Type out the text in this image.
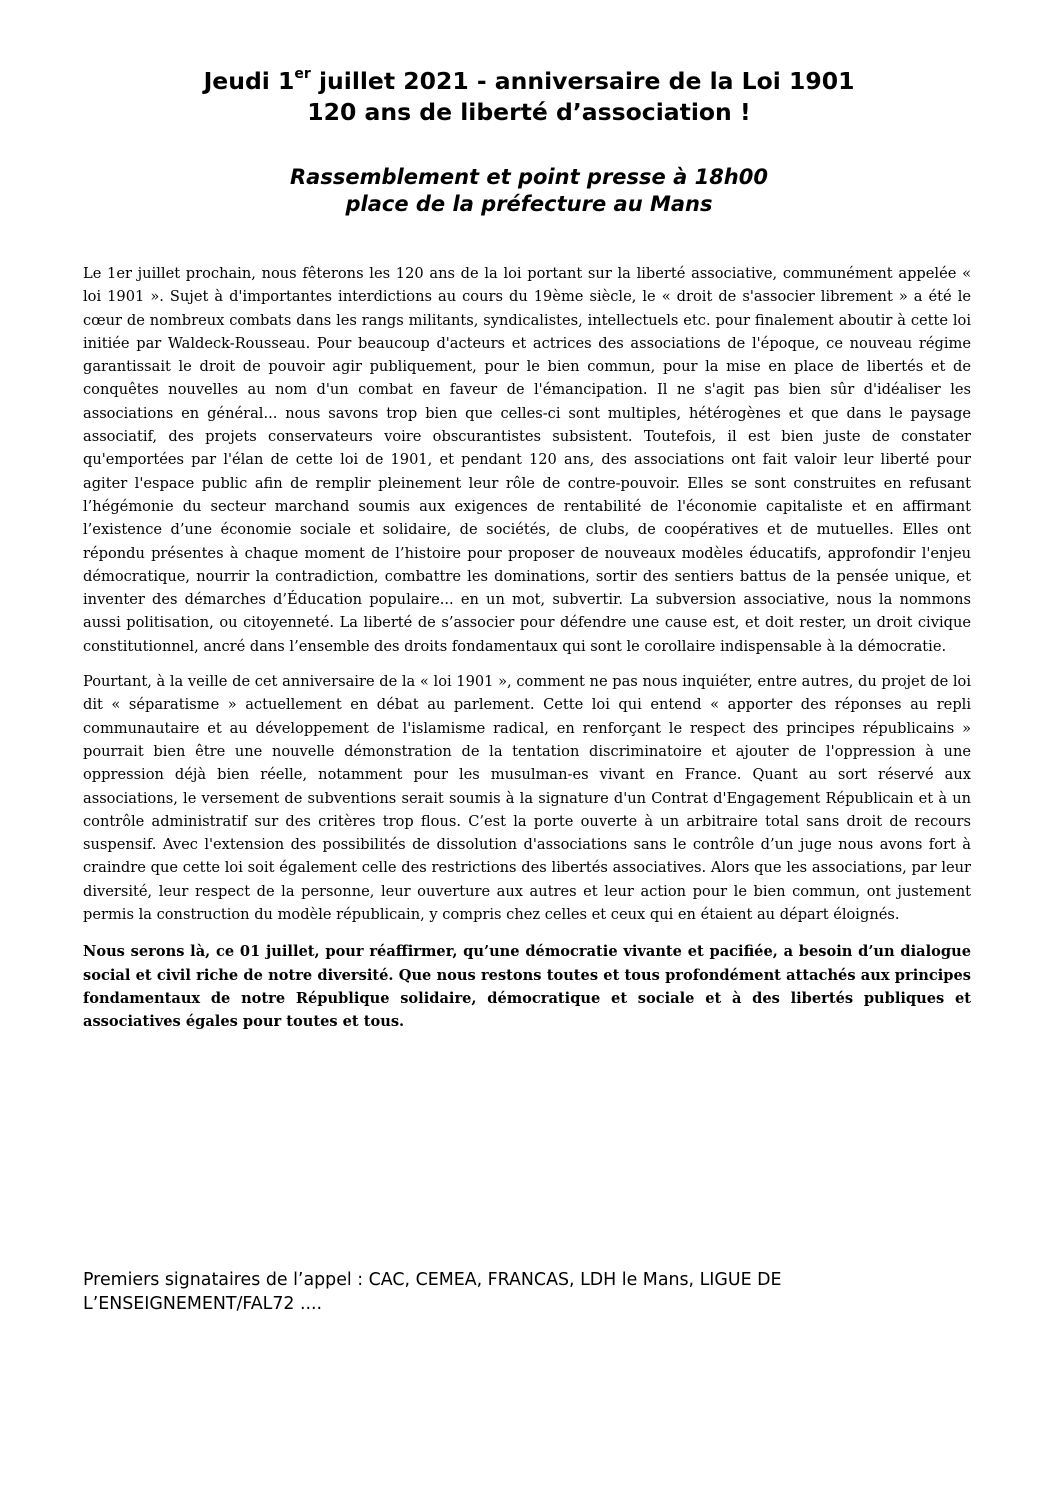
Jeudi 1er juillet 2021 - anniversaire de la Loi 1901
120 ans de liberté d’association !
Rassemblement et point presse à 18h00
place de la préfecture au Mans

Le 1er juillet prochain, nous fêterons les 120 ans de la loi portant sur la liberté associative, communément appelée « loi 1901 ». Sujet à d'importantes interdictions au cours du 19ème siècle, le « droit de s'associer librement » a été le cœur de nombreux combats dans les rangs militants, syndicalistes, intellectuels etc. pour finalement aboutir à cette loi initiée par Waldeck-Rousseau. Pour beaucoup d'acteurs et actrices des associations de l'époque, ce nouveau régime garantissait le droit de pouvoir agir publiquement, pour le bien commun, pour la mise en place de libertés et de conquêtes nouvelles au nom d'un combat en faveur de l'émancipation. Il ne s'agit pas bien sûr d'idéaliser les associations en général... nous savons trop bien que celles-ci sont multiples, hétérogènes et que dans le paysage associatif, des projets conservateurs voire obscurantistes subsistent. Toutefois, il est bien juste de constater qu'emportées par l'élan de cette loi de 1901, et pendant 120 ans, des associations ont fait valoir leur liberté pour agiter l'espace public afin de remplir pleinement leur rôle de contre-pouvoir. Elles se sont construites en refusant l’hégémonie du secteur marchand soumis aux exigences de rentabilité de l'économie capitaliste et en affirmant l’existence d’une économie sociale et solidaire, de sociétés, de clubs, de coopératives et de mutuelles. Elles ont répondu présentes à chaque moment de l’histoire pour proposer de nouveaux modèles éducatifs, approfondir l'enjeu démocratique, nourrir la contradiction, combattre les dominations, sortir des sentiers battus de la pensée unique, et inventer des démarches d’Éducation populaire... en un mot, subvertir. La subversion associative, nous la nommons aussi politisation, ou citoyenneté. La liberté de s’associer pour défendre une cause est, et doit rester, un droit civique constitutionnel, ancré dans l’ensemble des droits fondamentaux qui sont le corollaire indispensable à la démocratie.

Pourtant, à la veille de cet anniversaire de la « loi 1901 », comment ne pas nous inquiéter, entre autres, du projet de loi dit « séparatisme » actuellement en débat au parlement. Cette loi qui entend « apporter des réponses au repli communautaire et au développement de l'islamisme radical, en renforçant le respect des principes républicains » pourrait bien être une nouvelle démonstration de la tentation discriminatoire et ajouter de l'oppression à une oppression déjà bien réelle, notamment pour les musulman-es vivant en France. Quant au sort réservé aux associations, le versement de subventions serait soumis à la signature d'un Contrat d'Engagement Républicain et à un contrôle administratif sur des critères trop flous. C’est la porte ouverte à un arbitraire total sans droit de recours suspensif. Avec l'extension des possibilités de dissolution d'associations sans le contrôle d’un juge nous avons fort à craindre que cette loi soit également celle des restrictions des libertés associatives. Alors que les associations, par leur diversité, leur respect de la personne, leur ouverture aux autres et leur action pour le bien commun, ont justement permis la construction du modèle républicain, y compris chez celles et ceux qui en étaient au départ éloignés.

Nous serons là, ce 01 juillet, pour réaffirmer, qu’une démocratie vivante et pacifiée, a besoin d’un dialogue social et civil riche de notre diversité. Que nous restons toutes et tous profondément attachés aux principes fondamentaux de notre République solidaire, démocratique et sociale et à des libertés publiques et associatives égales pour toutes et tous.

Premiers signataires de l’appel : CAC, CEMEA, FRANCAS, LDH le Mans, LIGUE DE L’ENSEIGNEMENT/FAL72 ....
